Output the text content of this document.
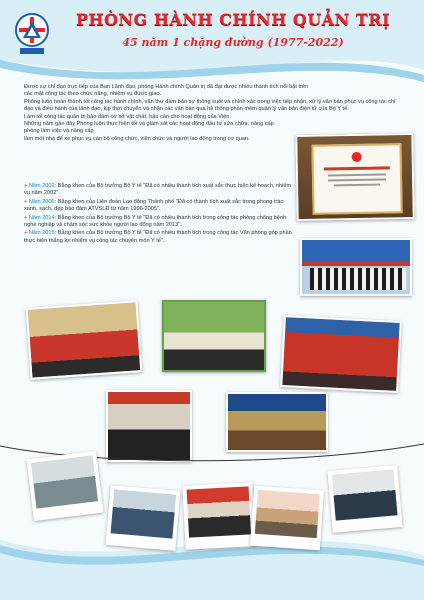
PHÒNG HÀNH CHÍNH QUẢN TRỊ
45 năm 1 chặng đường (1977-2022)

Được sự chỉ đạo trực tiếp của Ban Lãnh đạo, phòng Hành chính Quản trị đã đạt được nhiều thành tích nổi bật trên các mặt công tác theo chức năng, nhiệm vụ được giao.

Phòng luôn hoàn thành tốt công tác hành chính, văn thư đảm bảo sự thông suốt và chính xác trong việc tiếp nhận, xử lý văn bản phục vụ công tác chỉ đạo và điều hành của lãnh đạo, kịp thời chuyển và nhận các văn bản qua hệ thống phần mềm quản lý văn bản điện tử của Bộ Y tế.

Làm tốt công tác quản trị bảo đảm cơ sở vật chất, hậu cần cho hoạt động của Viện.

Những năm gần đây Phòng luôn thực hiện tốt và giám sát các hoạt động đầu tư sửa chữa, nâng cấp phòng làm việc và nâng cấp

làm mới nhà để xe phục vụ cán bộ công chức, viên chức và người lao động trong cơ quan.

+ Năm 2002: Bằng khen của Bộ trưởng Bộ Y tế "Đã có nhiều thành tích xuất sắc thực hiện kế hoạch, nhiệm vụ năm 2002".

+ Năm 2006: Bằng khen của Liên đoàn Lao động Thành phố "Đã có thành tích xuất sắc trong phong trào xanh, sạch, đẹp bảo đảm ATVSLĐ từ năm 1996-2005".

+ Năm 2014: Bằng khen của Bộ trưởng Bộ Y tế "Đã có nhiều thành tích trong công tác phòng chống bệnh nghề nghiệp và chăm sóc sức khỏe người lao động năm 2013".

+ Năm 2015: Bằng khen của Bộ trưởng Bộ Y tế "Đã có nhiều thành tích trong công tác Văn phòng góp phần thực hiện thắng lợi nhiệm vụ công tác chuyên môn Y tế".
